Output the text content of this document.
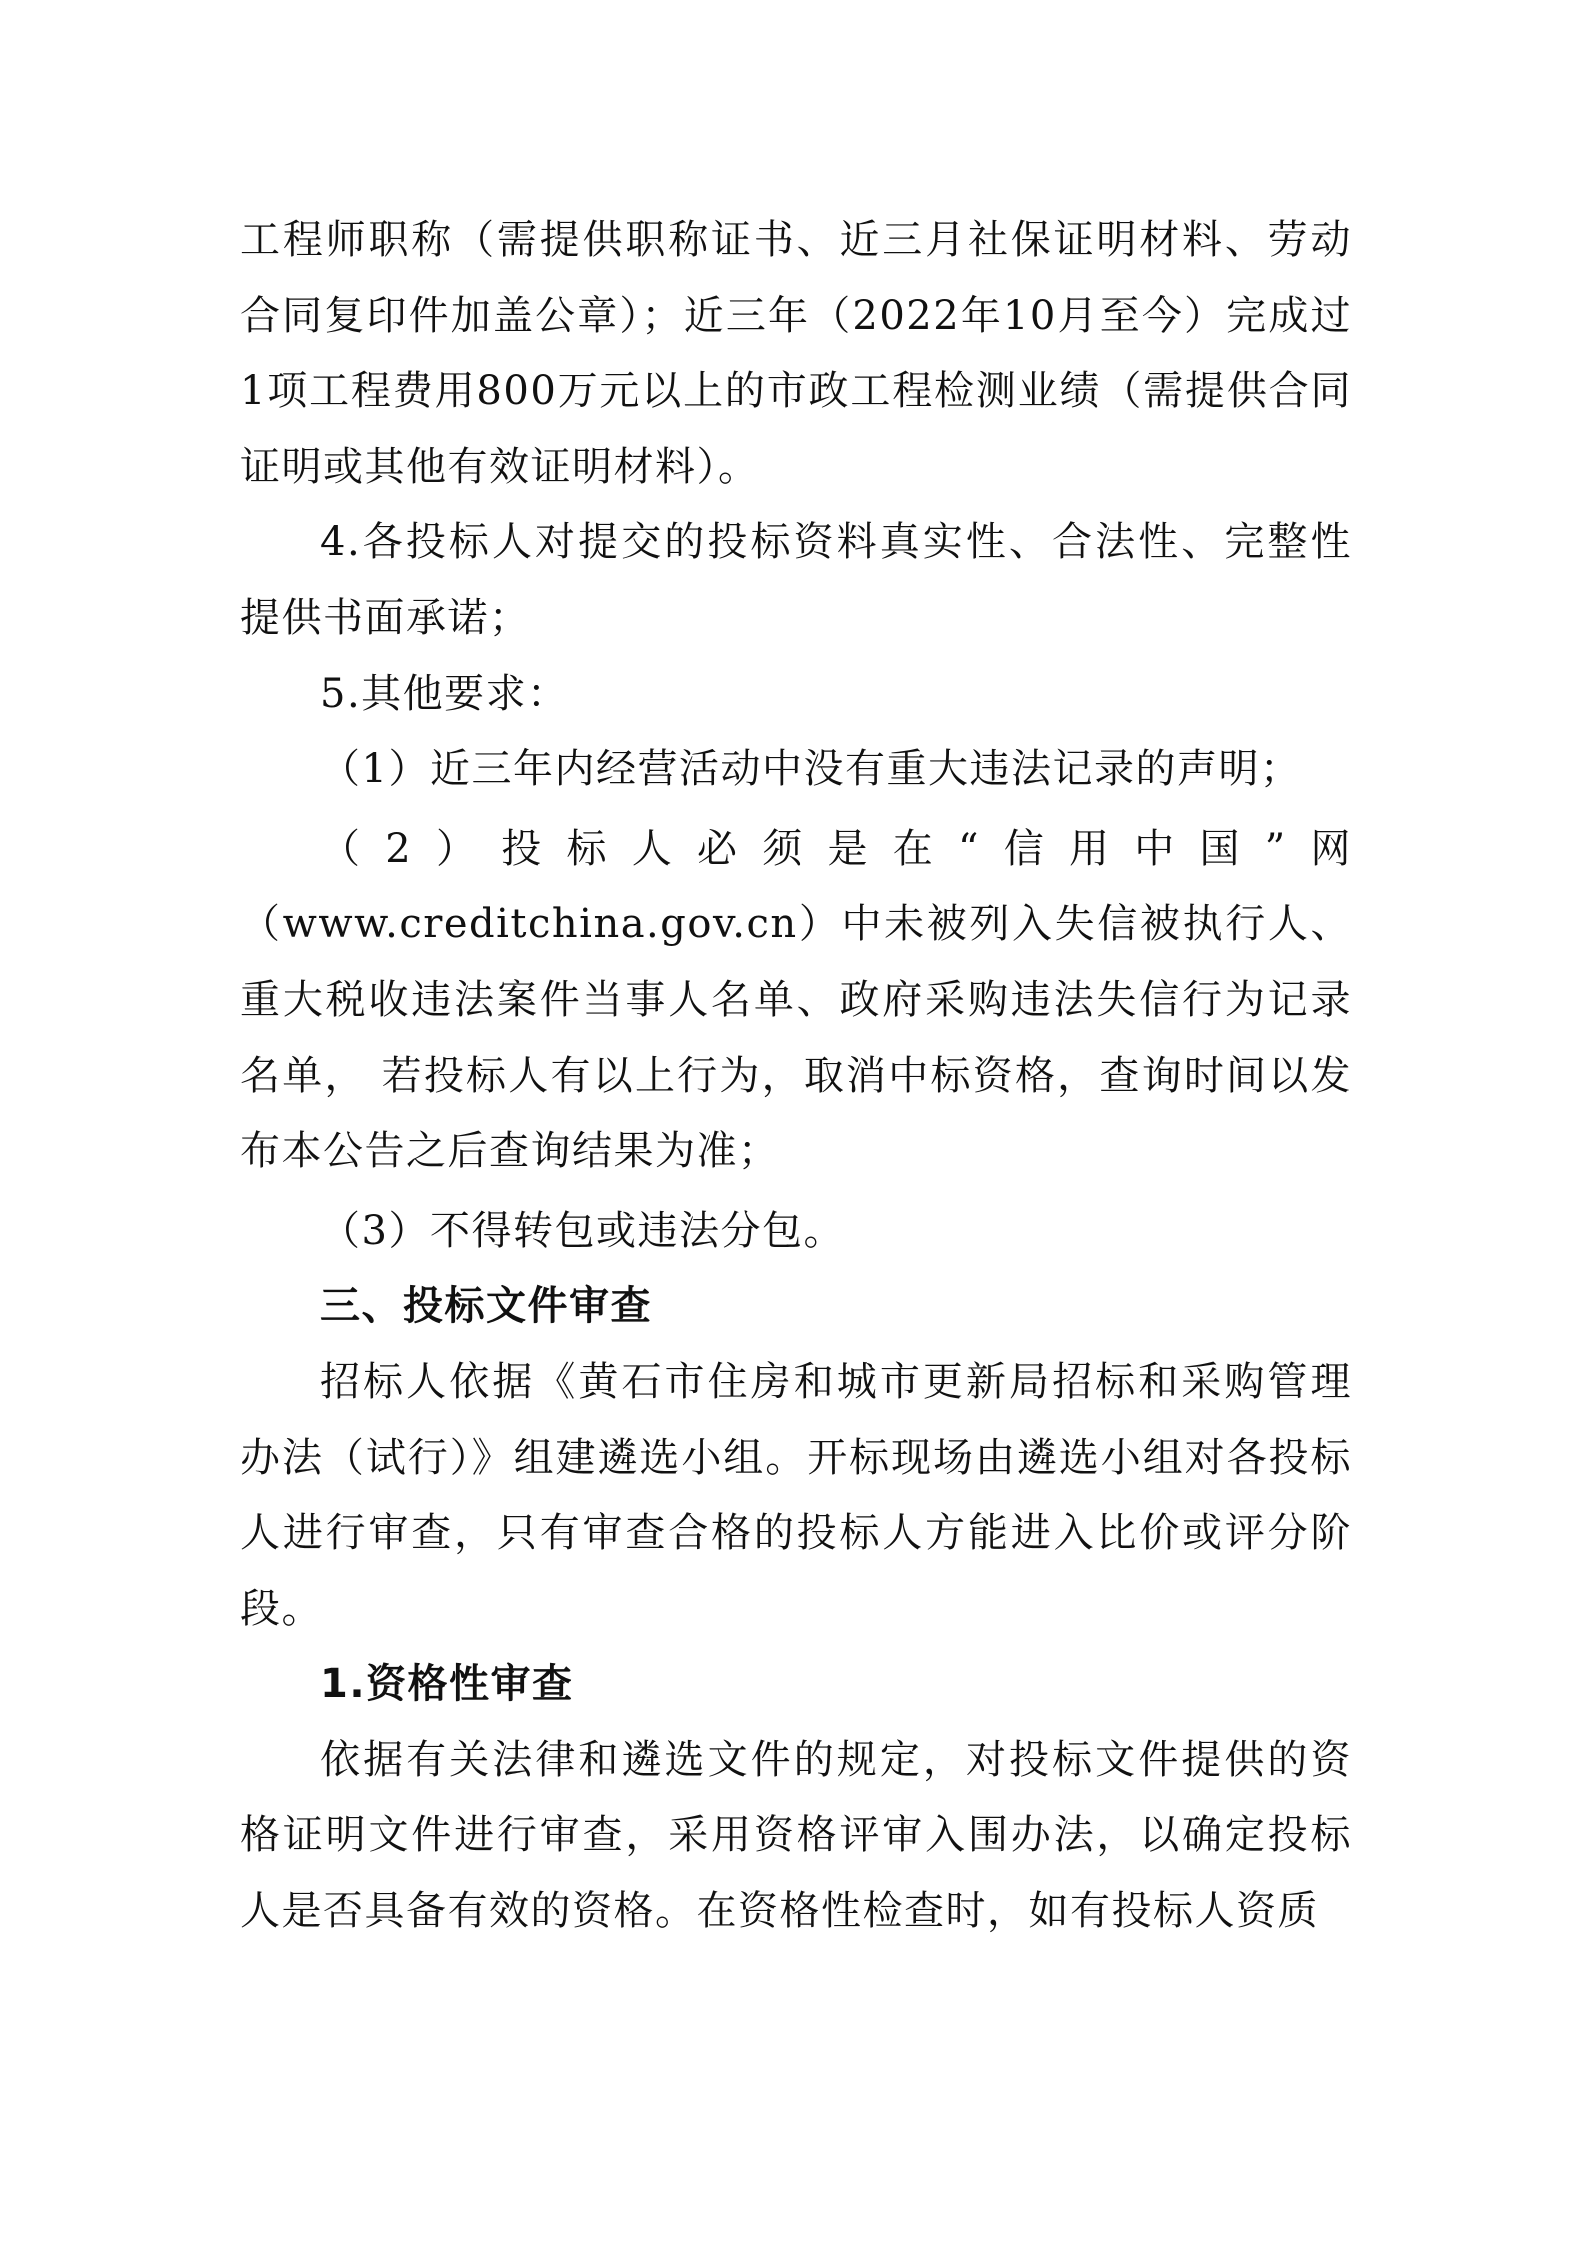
工程师职称（需提供职称证书、近三月社保证明材料、劳动合同复印件加盖公章）；近三年（2022年10月至今）完成过1项工程费用800万元以上的市政工程检测业绩（需提供合同证明或其他有效证明材料）。

4.各投标人对提交的投标资料真实性、合法性、完整性提供书面承诺；

5.其他要求：

（1）近三年内经营活动中没有重大违法记录的声明；

（2）投标人必须是在“信用中国”网（www.creditchina.gov.cn）中未被列入失信被执行人、重大税收违法案件当事人名单、政府采购违法失信行为记录名单， 若投标人有以上行为，取消中标资格，查询时间以发布本公告之后查询结果为准；

（3）不得转包或违法分包。

三、投标文件审查

招标人依据《黄石市住房和城市更新局招标和采购管理办法（试行）》组建遴选小组。开标现场由遴选小组对各投标人进行审查，只有审查合格的投标人方能进入比价或评分阶段。

1.资格性审查

依据有关法律和遴选文件的规定，对投标文件提供的资格证明文件进行审查，采用资格评审入围办法，以确定投标人是否具备有效的资格。在资格性检查时，如有投标人资质
